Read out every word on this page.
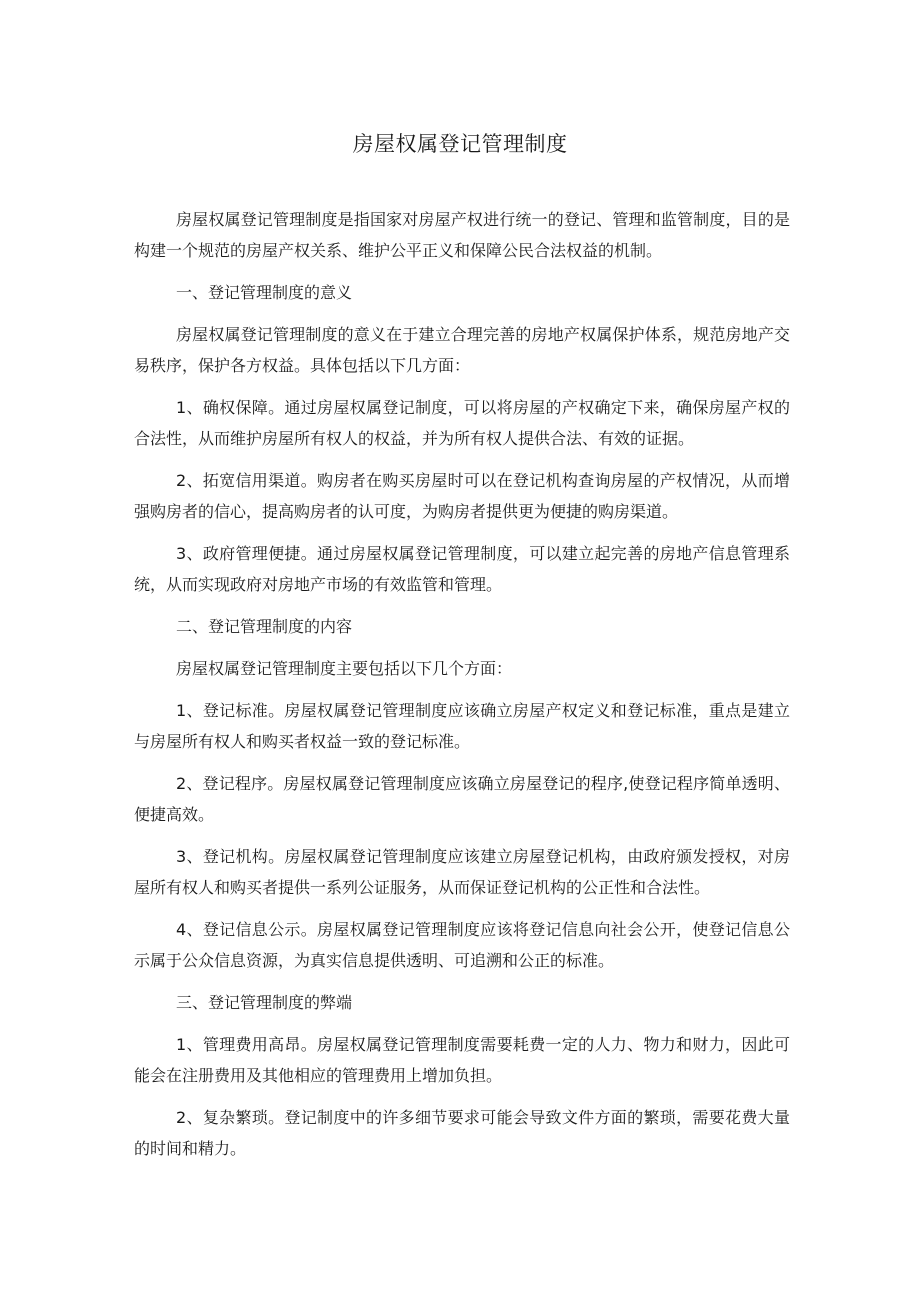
房屋权属登记管理制度

房屋权属登记管理制度是指国家对房屋产权进行统一的登记、管理和监管制度，目的是构建一个规范的房屋产权关系、维护公平正义和保障公民合法权益的机制。

一、登记管理制度的意义

房屋权属登记管理制度的意义在于建立合理完善的房地产权属保护体系，规范房地产交易秩序，保护各方权益。具体包括以下几方面：

1、确权保障。通过房屋权属登记制度，可以将房屋的产权确定下来，确保房屋产权的合法性，从而维护房屋所有权人的权益，并为所有权人提供合法、有效的证据。

2、拓宽信用渠道。购房者在购买房屋时可以在登记机构查询房屋的产权情况，从而增强购房者的信心，提高购房者的认可度，为购房者提供更为便捷的购房渠道。

3、政府管理便捷。通过房屋权属登记管理制度，可以建立起完善的房地产信息管理系统，从而实现政府对房地产市场的有效监管和管理。

二、登记管理制度的内容

房屋权属登记管理制度主要包括以下几个方面：

1、登记标准。房屋权属登记管理制度应该确立房屋产权定义和登记标准，重点是建立与房屋所有权人和购买者权益一致的登记标准。

2、登记程序。房屋权属登记管理制度应该确立房屋登记的程序,使登记程序简单透明、便捷高效。

3、登记机构。房屋权属登记管理制度应该建立房屋登记机构，由政府颁发授权，对房屋所有权人和购买者提供一系列公证服务，从而保证登记机构的公正性和合法性。

4、登记信息公示。房屋权属登记管理制度应该将登记信息向社会公开，使登记信息公示属于公众信息资源，为真实信息提供透明、可追溯和公正的标准。

三、登记管理制度的弊端

1、管理费用高昂。房屋权属登记管理制度需要耗费一定的人力、物力和财力，因此可能会在注册费用及其他相应的管理费用上增加负担。

2、复杂繁琐。登记制度中的许多细节要求可能会导致文件方面的繁琐，需要花费大量的时间和精力。
